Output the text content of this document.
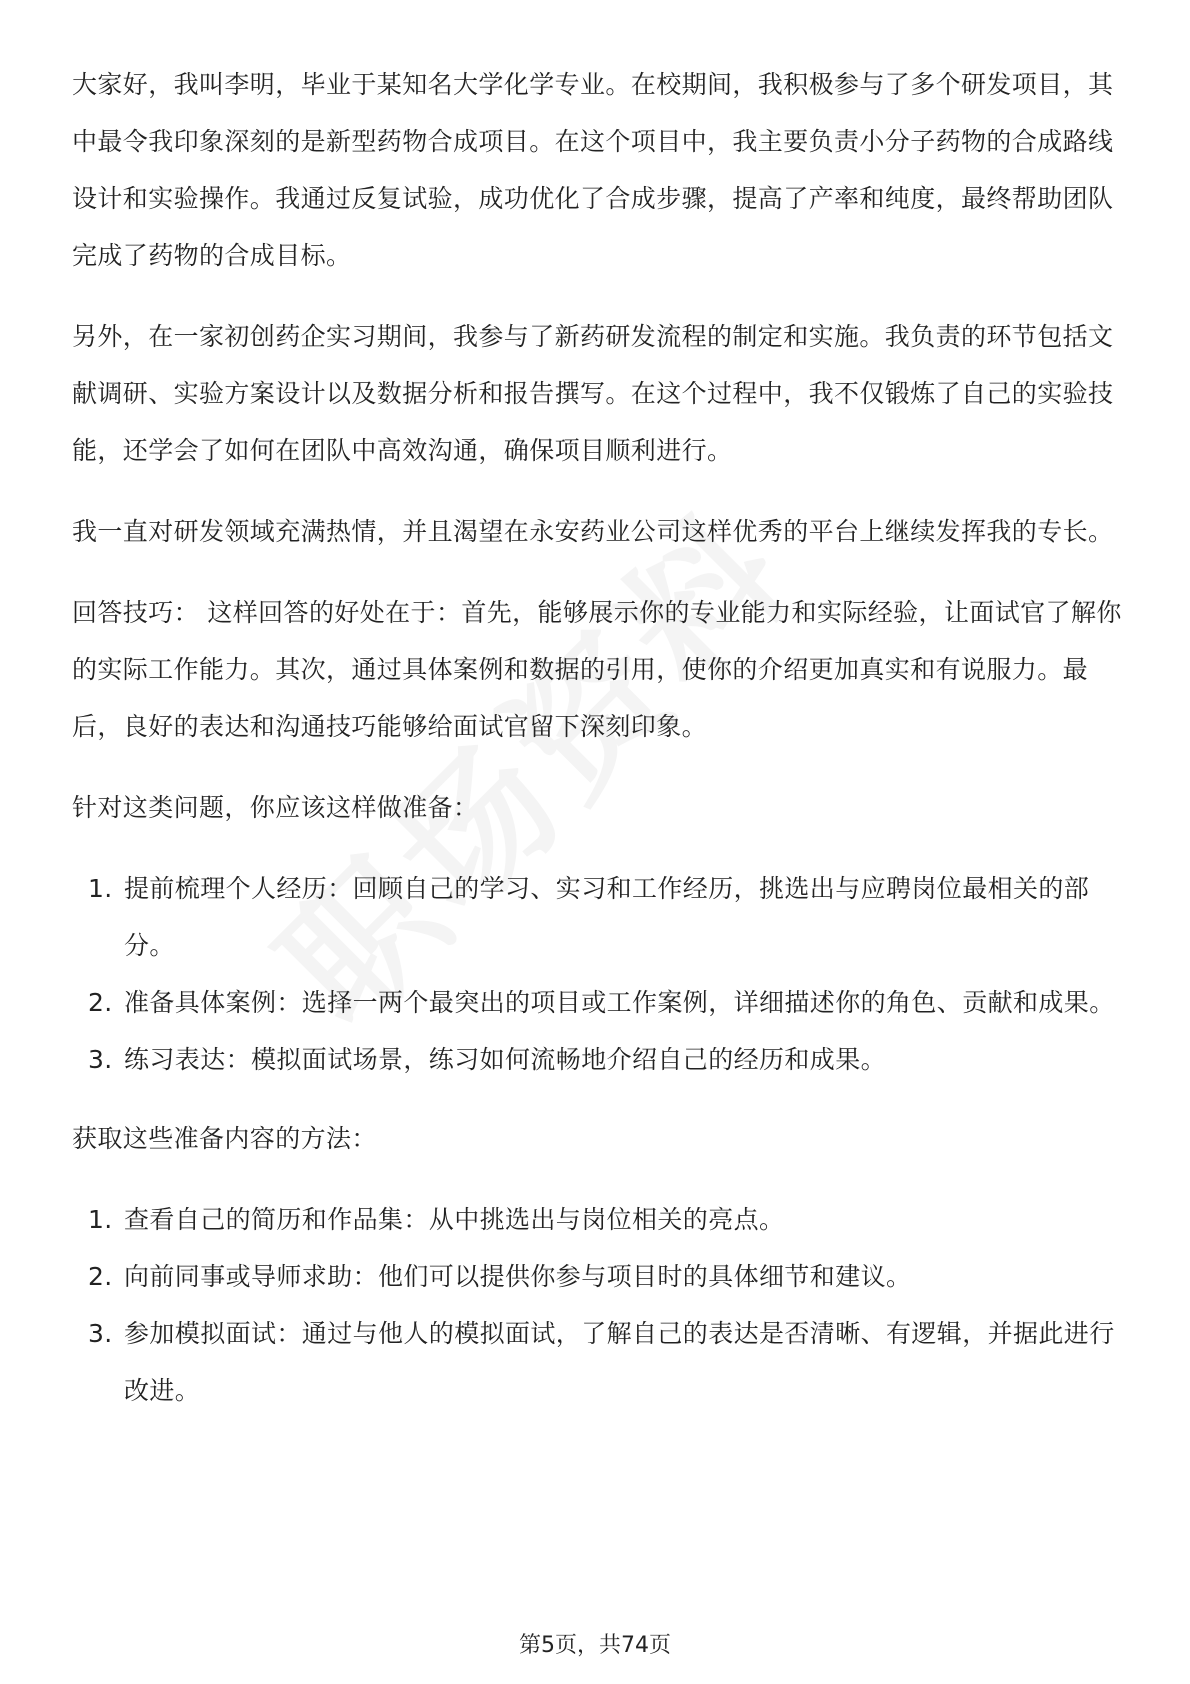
大家好，我叫李明，毕业于某知名大学化学专业。在校期间，我积极参与了多个研发项目，其中最令我印象深刻的是新型药物合成项目。在这个项目中，我主要负责小分子药物的合成路线设计和实验操作。我通过反复试验，成功优化了合成步骤，提高了产率和纯度，最终帮助团队完成了药物的合成目标。

另外，在一家初创药企实习期间，我参与了新药研发流程的制定和实施。我负责的环节包括文献调研、实验方案设计以及数据分析和报告撰写。在这个过程中，我不仅锻炼了自己的实验技能，还学会了如何在团队中高效沟通，确保项目顺利进行。

我一直对研发领域充满热情，并且渴望在永安药业公司这样优秀的平台上继续发挥我的专长。

回答技巧： 这样回答的好处在于：首先，能够展示你的专业能力和实际经验，让面试官了解你的实际工作能力。其次，通过具体案例和数据的引用，使你的介绍更加真实和有说服力。最后，良好的表达和沟通技巧能够给面试官留下深刻印象。

针对这类问题，你应该这样做准备：

1. 提前梳理个人经历：回顾自己的学习、实习和工作经历，挑选出与应聘岗位最相关的部分。
2. 准备具体案例：选择一两个最突出的项目或工作案例，详细描述你的角色、贡献和成果。
3. 练习表达：模拟面试场景，练习如何流畅地介绍自己的经历和成果。

获取这些准备内容的方法：

1. 查看自己的简历和作品集：从中挑选出与岗位相关的亮点。
2. 向前同事或导师求助：他们可以提供你参与项目时的具体细节和建议。
3. 参加模拟面试：通过与他人的模拟面试，了解自己的表达是否清晰、有逻辑，并据此进行改进。
第5页，共74页
